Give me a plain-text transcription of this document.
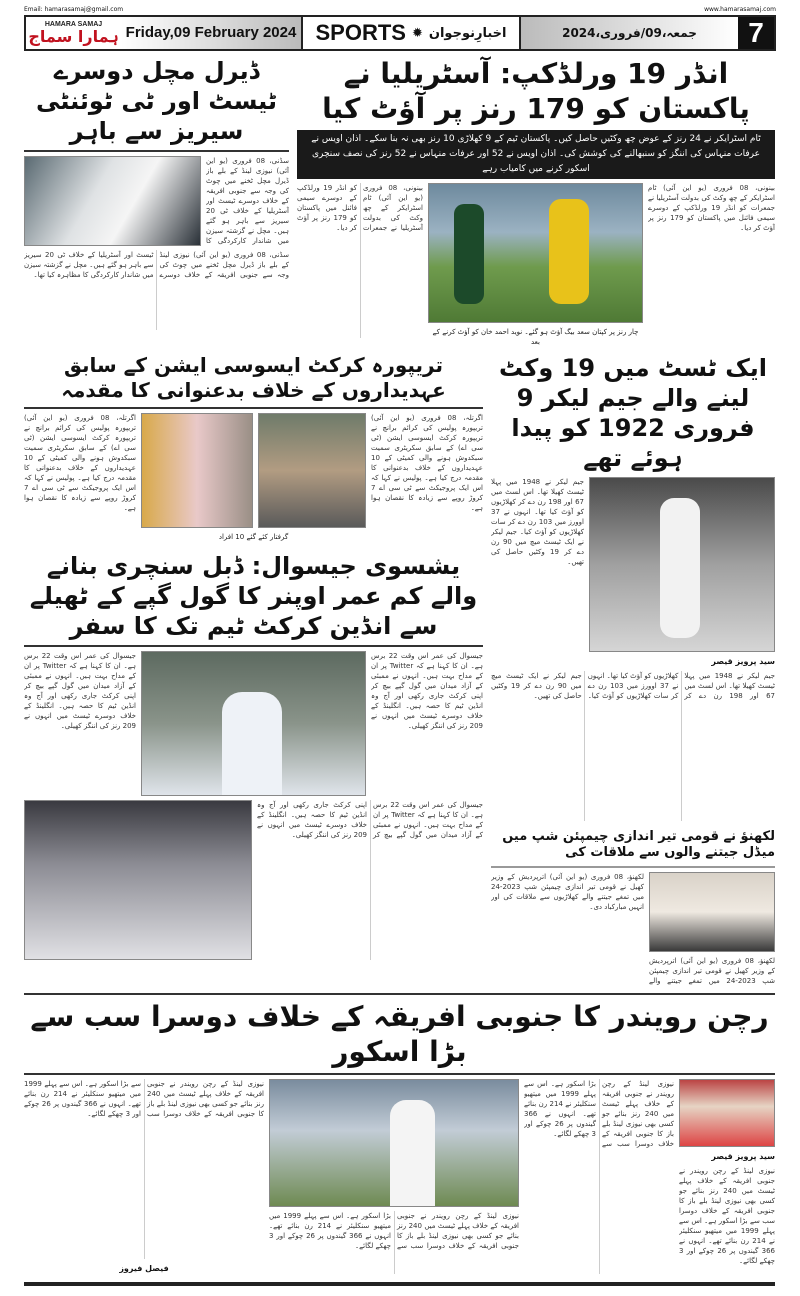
Email: hamarasamaj@gmail.com	www.hamarasamaj.com
HAMARA SAMAJ
ہمارا سماج Friday,09 February 2024 SPORTS ✹ اخبارِنوجوان	جمعہ،09/فروری،2024	7
ڈیرل مچل دوسرے ٹیسٹ اور ٹی ٹوئنٹی سیریز سے باہر
سڈنی، 08 فروری (یو این آئی) نیوزی لینڈ کے بلے باز ڈیرل مچل ٹخنے میں چوٹ کی وجہ سے جنوبی افریقہ کے خلاف دوسرے ٹیسٹ اور آسٹریلیا کے خلاف ٹی 20 سیریز سے باہر ہو گئے ہیں۔ مچل نے گزشتہ سیزن میں شاندار کارکردگی کا
سڈنی، 08 فروری (یو این آئی) نیوزی لینڈ کے بلے باز ڈیرل مچل ٹخنے میں چوٹ کی وجہ سے جنوبی افریقہ کے خلاف دوسرے ٹیسٹ اور آسٹریلیا کے خلاف ٹی 20 سیریز سے باہر ہو گئے ہیں۔ مچل نے گزشتہ سیزن میں شاندار کارکردگی کا مظاہرہ کیا تھا۔
انڈر 19 ورلڈکپ: آسٹریلیا نے پاکستان کو 179 رنز پر آؤٹ کیا
ٹام اسٹرایکر نے 24 رنز کے عوض چھ وکٹیں حاصل کیں۔ پاکستان ٹیم کے 9 کھلاڑی 10 رنز بھی نہ بنا سکے۔ اذان اویس نے عرفات منہاس کی اننگز کو سنبھالنے کی کوشش کی۔ اذان اویس نے 52 اور عرفات منہاس نے 52 رنز کی نصف سنچری اسکور کرنے میں کامیاب رہے
بینونی، 08 فروری (یو این آئی) ٹام اسٹرایکر کے چھ وکٹ کی بدولت آسٹریلیا نے جمعرات کو انڈر 19 ورلڈکپ کے دوسرے سیمی فائنل میں پاکستان کو 179 رنز پر آؤٹ کر دیا۔
چار رنز پر کپتان سعد بیگ آؤٹ ہو گئے۔ نوید احمد خان کو آؤٹ کرنے کے بعد
بینونی، 08 فروری (یو این آئی) ٹام اسٹرایکر کے چھ وکٹ کی بدولت آسٹریلیا نے جمعرات کو انڈر 19 ورلڈکپ کے دوسرے سیمی فائنل میں پاکستان کو 179 رنز پر آؤٹ کر دیا۔
تریپورہ کرکٹ ایسوسی ایشن کے سابق عہدیداروں کے خلاف بدعنوانی کا مقدمہ
اگرتلہ، 08 فروری (یو این آئی) تریپورہ پولیس کی کرائم برانچ نے تریپورہ کرکٹ ایسوسی ایشن (ٹی سی اے) کے سابق سکریٹری سمیت سبکدوش ہونے والی کمیٹی کے 10 عہدیداروں کے خلاف بدعنوانی کا مقدمہ درج کیا ہے۔ پولیس نے کہا کہ اس ایک پروجیکٹ سے ٹی سی اے 7 کروڑ روپے سے زیادہ کا نقصان ہوا ہے۔
گرفتار کئے گئے 10 افراد
اگرتلہ، 08 فروری (یو این آئی) تریپورہ پولیس کی کرائم برانچ نے تریپورہ کرکٹ ایسوسی ایشن (ٹی سی اے) کے سابق سکریٹری سمیت سبکدوش ہونے والی کمیٹی کے 10 عہدیداروں کے خلاف بدعنوانی کا مقدمہ درج کیا ہے۔ پولیس نے کہا کہ اس ایک پروجیکٹ سے ٹی سی اے 7 کروڑ روپے سے زیادہ کا نقصان ہوا ہے۔
یشسوی جیسوال: ڈبل سنچری بنانے والے کم عمر اوپنر کا گول گپے کے ٹھیلے سے انڈین کرکٹ ٹیم تک کا سفر
جیسوال کی عمر اس وقت 22 برس ہے۔ ان کا کہنا ہے کہ Twitter پر ان کے مداح بہت ہیں۔ انہوں نے ممبئی کے آزاد میدان میں گول گپے بیچ کر اپنی کرکٹ جاری رکھی اور آج وہ انڈین ٹیم کا حصہ ہیں۔ انگلینڈ کے خلاف دوسرے ٹیسٹ میں انہوں نے 209 رنز کی اننگز کھیلی۔
جیسوال کی عمر اس وقت 22 برس ہے۔ ان کا کہنا ہے کہ Twitter پر ان کے مداح بہت ہیں۔ انہوں نے ممبئی کے آزاد میدان میں گول گپے بیچ کر اپنی کرکٹ جاری رکھی اور آج وہ انڈین ٹیم کا حصہ ہیں۔ انگلینڈ کے خلاف دوسرے ٹیسٹ میں انہوں نے 209 رنز کی اننگز کھیلی۔
جیسوال کی عمر اس وقت 22 برس ہے۔ ان کا کہنا ہے کہ Twitter پر ان کے مداح بہت ہیں۔ انہوں نے ممبئی کے آزاد میدان میں گول گپے بیچ کر اپنی کرکٹ جاری رکھی اور آج وہ انڈین ٹیم کا حصہ ہیں۔ انگلینڈ کے خلاف دوسرے ٹیسٹ میں انہوں نے 209 رنز کی اننگز کھیلی۔
ایک ٹسٹ میں 19 وکٹ لینے والے جیم لیکر 9 فروری 1922 کو پیدا ہوئے تھے
جیم لیکر نے 1948 میں پہلا ٹیسٹ کھیلا تھا۔ اس لسٹ میں 67 اور 198 رن دے کر کھلاڑیوں کو آؤٹ کیا تھا۔ انہوں نے 37 اوورز میں 103 رن دے کر سات کھلاڑیوں کو آؤٹ کیا۔ جیم لیکر نے ایک ٹیسٹ میچ میں 90 رن دے کر 19 وکٹیں حاصل کی تھیں۔
سید پرویز قیصر
جیم لیکر نے 1948 میں پہلا ٹیسٹ کھیلا تھا۔ اس لسٹ میں 67 اور 198 رن دے کر کھلاڑیوں کو آؤٹ کیا تھا۔ انہوں نے 37 اوورز میں 103 رن دے کر سات کھلاڑیوں کو آؤٹ کیا۔ جیم لیکر نے ایک ٹیسٹ میچ میں 90 رن دے کر 19 وکٹیں حاصل کی تھیں۔
لکھنؤ نے قومی تیر اندازی چیمپئن شپ میں میڈل جیتنے والوں سے ملاقات کی
لکھنؤ، 08 فروری (یو این آئی) اترپردیش کے وزیر کھیل نے قومی تیر اندازی چیمپئن شپ 2023-24 میں تمغے جیتنے والے کھلاڑیوں سے ملاقات کی اور انہیں مبارکباد دی۔
لکھنؤ، 08 فروری (یو این آئی) اترپردیش کے وزیر کھیل نے قومی تیر اندازی چیمپئن شپ 2023-24 میں تمغے جیتنے والے
رچن رویندر کا جنوبی افریقہ کے خلاف دوسرا سب سے بڑا اسکور
نیوزی لینڈ کے رچن رویندر نے جنوبی افریقہ کے خلاف پہلے ٹیسٹ میں 240 رنز بنائے جو کسی بھی نیوزی لینڈ بلے باز کا جنوبی افریقہ کے خلاف دوسرا سب سے بڑا اسکور ہے۔ اس سے پہلے 1999 میں میتھیو سنکلیئر نے 214 رن بنائے تھے۔ انہوں نے 366 گیندوں پر 26 چوکے اور 3 چھکے لگائے۔
فیصل فیروز
نیوزی لینڈ کے رچن رویندر نے جنوبی افریقہ کے خلاف پہلے ٹیسٹ میں 240 رنز بنائے جو کسی بھی نیوزی لینڈ بلے باز کا جنوبی افریقہ کے خلاف دوسرا سب سے بڑا اسکور ہے۔ اس سے پہلے 1999 میں میتھیو سنکلیئر نے 214 رن بنائے تھے۔ انہوں نے 366 گیندوں پر 26 چوکے اور 3 چھکے لگائے۔
نیوزی لینڈ کے رچن رویندر نے جنوبی افریقہ کے خلاف پہلے ٹیسٹ میں 240 رنز بنائے جو کسی بھی نیوزی لینڈ بلے باز کا جنوبی افریقہ کے خلاف دوسرا سب سے بڑا اسکور ہے۔ اس سے پہلے 1999 میں میتھیو سنکلیئر نے 214 رن بنائے تھے۔ انہوں نے 366 گیندوں پر 26 چوکے اور 3 چھکے لگائے۔
سید پرویز قیصر
نیوزی لینڈ کے رچن رویندر نے جنوبی افریقہ کے خلاف پہلے ٹیسٹ میں 240 رنز بنائے جو کسی بھی نیوزی لینڈ بلے باز کا جنوبی افریقہ کے خلاف دوسرا سب سے بڑا اسکور ہے۔ اس سے پہلے 1999 میں میتھیو سنکلیئر نے 214 رن بنائے تھے۔ انہوں نے 366 گیندوں پر 26 چوکے اور 3 چھکے لگائے۔
